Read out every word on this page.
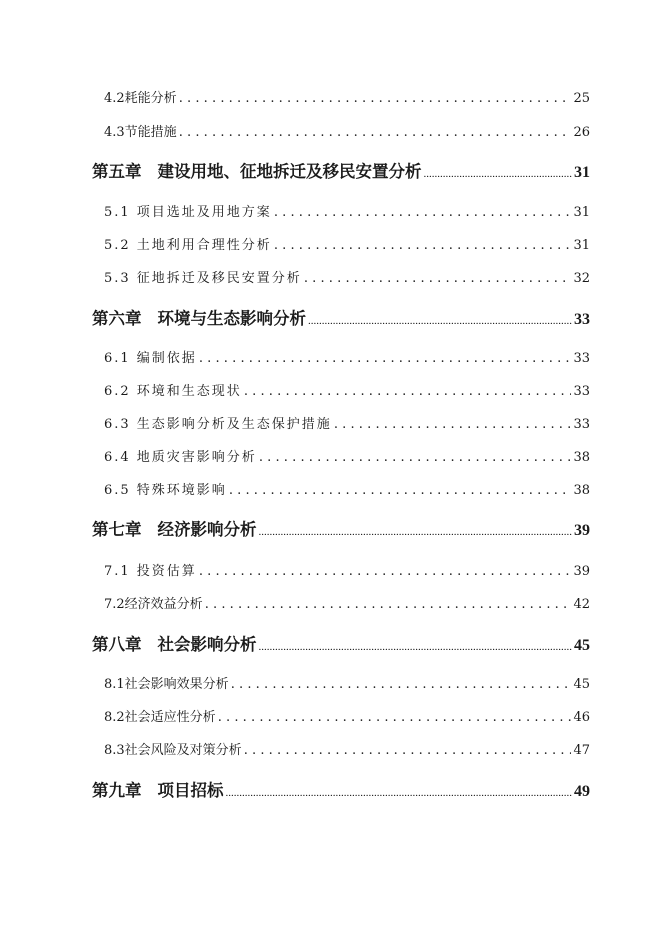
4.2耗能分析 .....	25
4.3节能措施 .....	26
第五章 建设用地、征地拆迁及移民安置分析 .....	31
5.1 项目选址及用地方案 .....	31
5.2 土地利用合理性分析 .....	31
5.3 征地拆迁及移民安置分析 .....	32
第六章 环境与生态影响分析 .....	33
6.1 编制依据 .....	33
6.2 环境和生态现状 .....	33
6.3 生态影响分析及生态保护措施 .....	33
6.4 地质灾害影响分析 .....	38
6.5 特殊环境影响 .....	38
第七章 经济影响分析 .....	39
7.1 投资估算 .....	39
7.2经济效益分析 .....	42
第八章 社会影响分析 .....	45
8.1社会影响效果分析 .....	45
8.2社会适应性分析 .....	46
8.3社会风险及对策分析 .....	47
第九章 项目招标 .....	49
